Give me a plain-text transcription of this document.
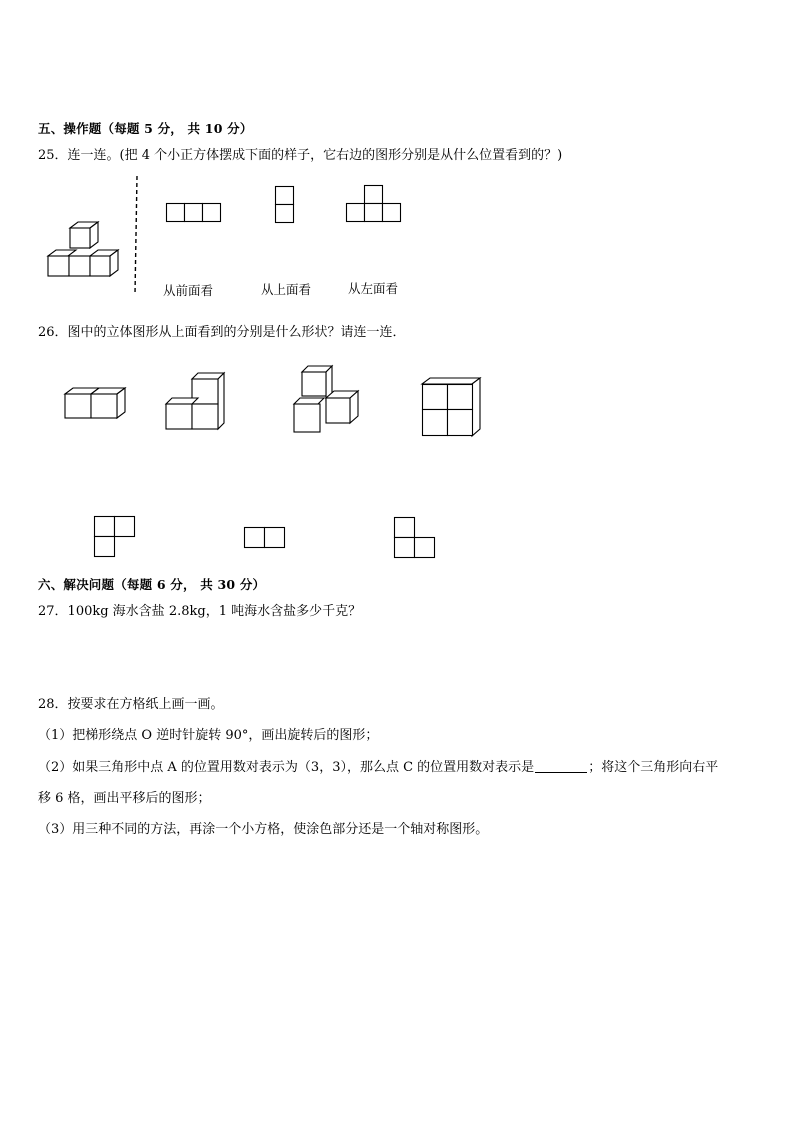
五、操作题（每题 5 分， 共 10 分）
25．连一连。(把 4 个小正方体摆成下面的样子，它右边的图形分别是从什么位置看到的？)
从前面看	从上面看	从左面看
26．图中的立体图形从上面看到的分别是什么形状？请连一连．
六、解决问题（每题 6 分， 共 30 分）
27．100kg 海水含盐 2.8kg，1 吨海水含盐多少千克？
28．按要求在方格纸上画一画。
（1）把梯形绕点 O 逆时针旋转 90°，画出旋转后的图形；
（2）如果三角形中点 A 的位置用数对表示为（3，3），那么点 C 的位置用数对表示是	；将这个三角形向右平
移 6 格，画出平移后的图形；
（3）用三种不同的方法，再涂一个小方格，使涂色部分还是一个轴对称图形。
